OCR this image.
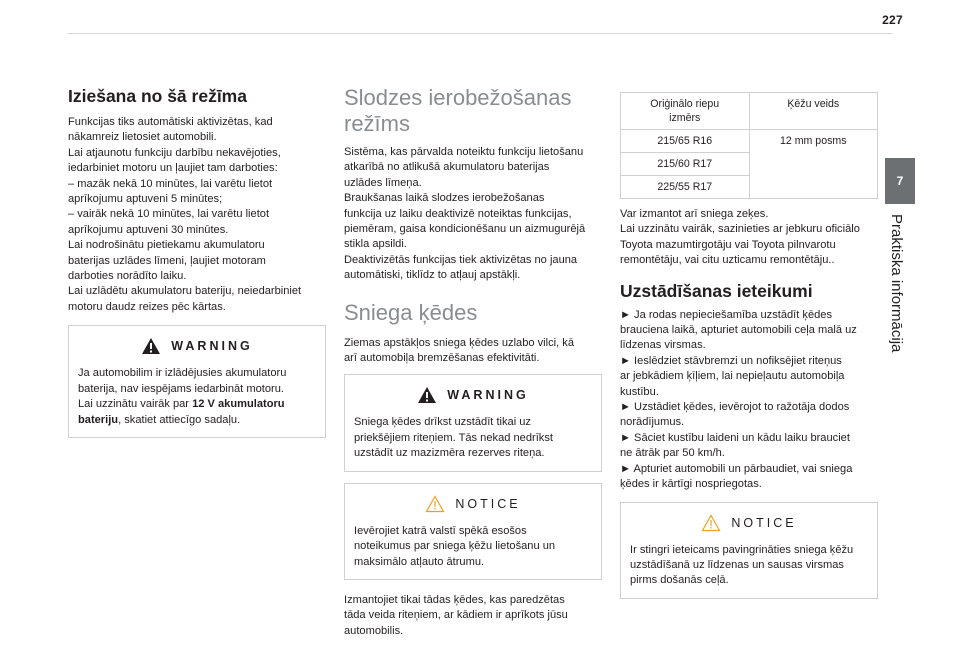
227
7
Praktiska informācija
Iziešana no šā režīma

Funkcijas tiks automātiski aktivizētas, kad

nākamreiz lietosiet automobili.

Lai atjaunotu funkciju darbību nekavējoties,

iedarbiniet motoru un ļaujiet tam darboties:

– mazāk nekā 10 minūtes, lai varētu lietot

aprīkojumu aptuveni 5 minūtes;

– vairāk nekā 10 minūtes, lai varētu lietot

aprīkojumu aptuveni 30 minūtes.

Lai nodrošinātu pietiekamu akumulatoru

baterijas uzlādes līmeni, ļaujiet motoram

darboties norādīto laiku.

Lai uzlādētu akumulatoru bateriju, neiedarbiniet

motoru daudz reizes pēc kārtas.

WARNING

Ja automobilim ir izlādējusies akumulatoru

baterija, nav iespējams iedarbināt motoru.

Lai uzzinātu vairāk par 12 V akumulatoru

bateriju, skatiet attiecīgo sadaļu.

Slodzes ierobežošanas
režīms

Sistēma, kas pārvalda noteiktu funkciju lietošanu

atkarībā no atlikušā akumulatoru baterijas

uzlādes līmeņa.

Braukšanas laikā slodzes ierobežošanas

funkcija uz laiku deaktivizē noteiktas funkcijas,

piemēram, gaisa kondicionēšanu un aizmugurējā

stikla apsildi.

Deaktivizētās funkcijas tiek aktivizētas no jauna

automātiski, tiklīdz to atļauj apstākļi.

Sniega ķēdes

Ziemas apstākļos sniega ķēdes uzlabo vilci, kā

arī automobiļa bremzēšanas efektivitāti.

WARNING

Sniega ķēdes drīkst uzstādīt tikai uz

priekšējiem riteņiem. Tās nekad nedrīkst

uzstādīt uz mazizmēra rezerves riteņa.

NOTICE

Ievērojiet katrā valstī spēkā esošos

noteikumus par sniega ķēžu lietošanu un

maksimālo atļauto ātrumu.

Izmantojiet tikai tādas ķēdes, kas paredzētas

tāda veida riteņiem, ar kādiem ir aprīkots jūsu

automobilis.

Oriģinālo riepu
izmērs	Ķēžu veids
215/65 R16	12 mm posms
215/60 R17	
225/55 R17	

Var izmantot arī sniega zeķes.

Lai uzzinātu vairāk, sazinieties ar jebkuru oficiālo

Toyota mazumtirgotāju vai Toyota pilnvarotu

remontētāju, vai citu uzticamu remontētāju..

Uzstādīšanas ieteikumi

► Ja rodas nepieciešamība uzstādīt ķēdes

brauciena laikā, apturiet automobili ceļa malā uz

līdzenas virsmas.

► Ieslēdziet stāvbremzi un nofiksējiet riteņus

ar jebkādiem ķīļiem, lai nepieļautu automobiļa

kustību.

► Uzstādiet ķēdes, ievērojot to ražotāja dodos

norādījumus.

► Sāciet kustību laideni un kādu laiku brauciet

ne ātrāk par 50 km/h.

► Apturiet automobili un pārbaudiet, vai sniega

ķēdes ir kārtīgi nospriegotas.

NOTICE

Ir stingri ieteicams pavingrināties sniega ķēžu

uzstādīšanā uz līdzenas un sausas virsmas

pirms došanās ceļā.
